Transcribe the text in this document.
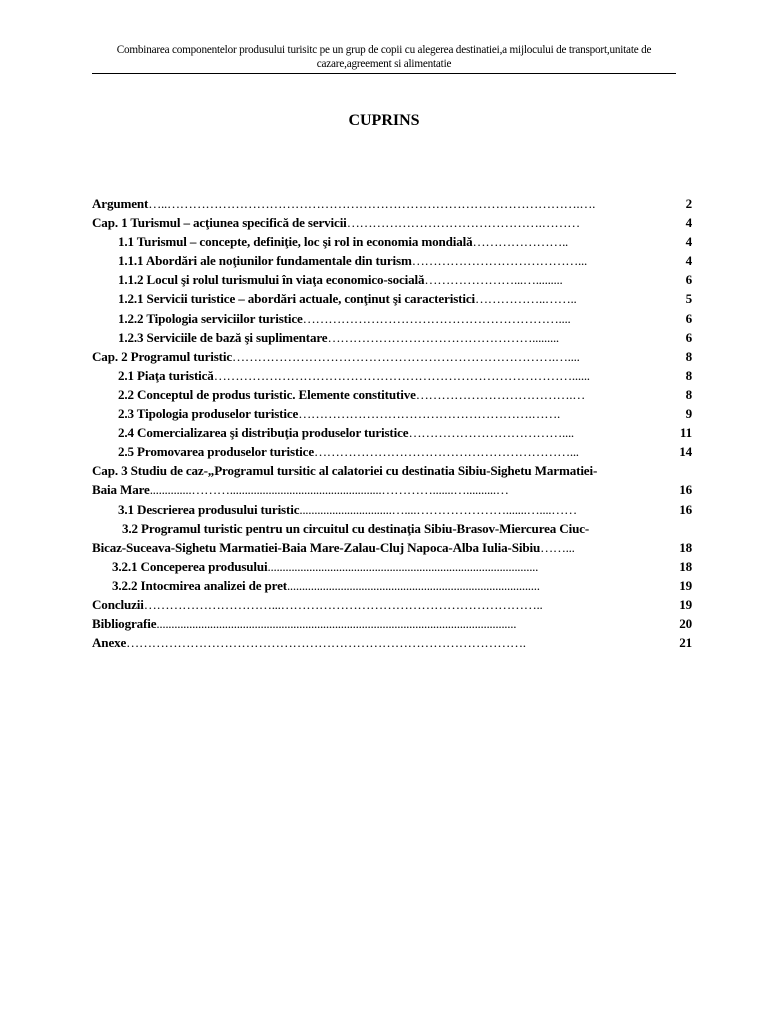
Combinarea componentelor produsului turisitc pe un grup de copii cu alegerea destinatiei,a mijlocului de transport,unitate de cazare,agreement si alimentatie
CUPRINS
Argument …..…………………………………………………………………………………….….	2
Cap. 1 Turismul – acţiunea specifică de servicii ……………………………………….………	4
1.1 Turismul – concepte, definiţie, loc şi rol in economia mondială …………………..	4
1.1.1 Abordări ale noţiunilor fundamentale din turism …………………………………...	4
1.1.2 Locul şi rolul turismului în viaţa economico-socială …………………...….........	6
1.2.1 Servicii turistice – abordări actuale, conţinut şi caracteristici ……………..……..	5
1.2.2 Tipologia serviciilor turistice ……………………………………………………....	6
1.2.3 Serviciile de bază şi suplimentare ………………………………………….........	6
Cap. 2 Programul turistic ………………………………………………………………….…....	8
2.1 Piaţa turistică …………………………………………………………………………......	8
2.2 Conceptul de produs turistic. Elemente constitutive ……………………………….…	8
2.3 Tipologia produselor turistice ……………………………………………….…….	9
2.4 Comercializarea şi distribuţia produselor turistice ………………………………....	11
2.5 Promovarea produselor turistice ……………………………………………………...	14
Cap. 3 Studiu de caz-„Programul tursitic al calatoriei cu destinatia Sibiu-Sighetu Marmatiei-
Baia Mare ..............………...................................................………….......…..........…	16
3.1 Descrierea produsului turistic ...............................…....………………….......…....……	16
3.2 Programul turistic pentru un circuitul cu destinaţia Sibiu-Brasov-Miercurea Ciuc-
Bicaz-Suceava-Sighetu Marmatiei-Baia Mare-Zalau-Cluj Napoca-Alba Iulia-Sibiu ……...	18
3.2.1 Conceperea produsului ...........................................................................................	18
3.2.2 Intocmirea analizei de pret .....................................................................................	19
Concluzii …………………………...……………………………………………………..	19
Bibliografie .........................................................................................................................	20
Anexe ………………………………………………………………………………….	21
